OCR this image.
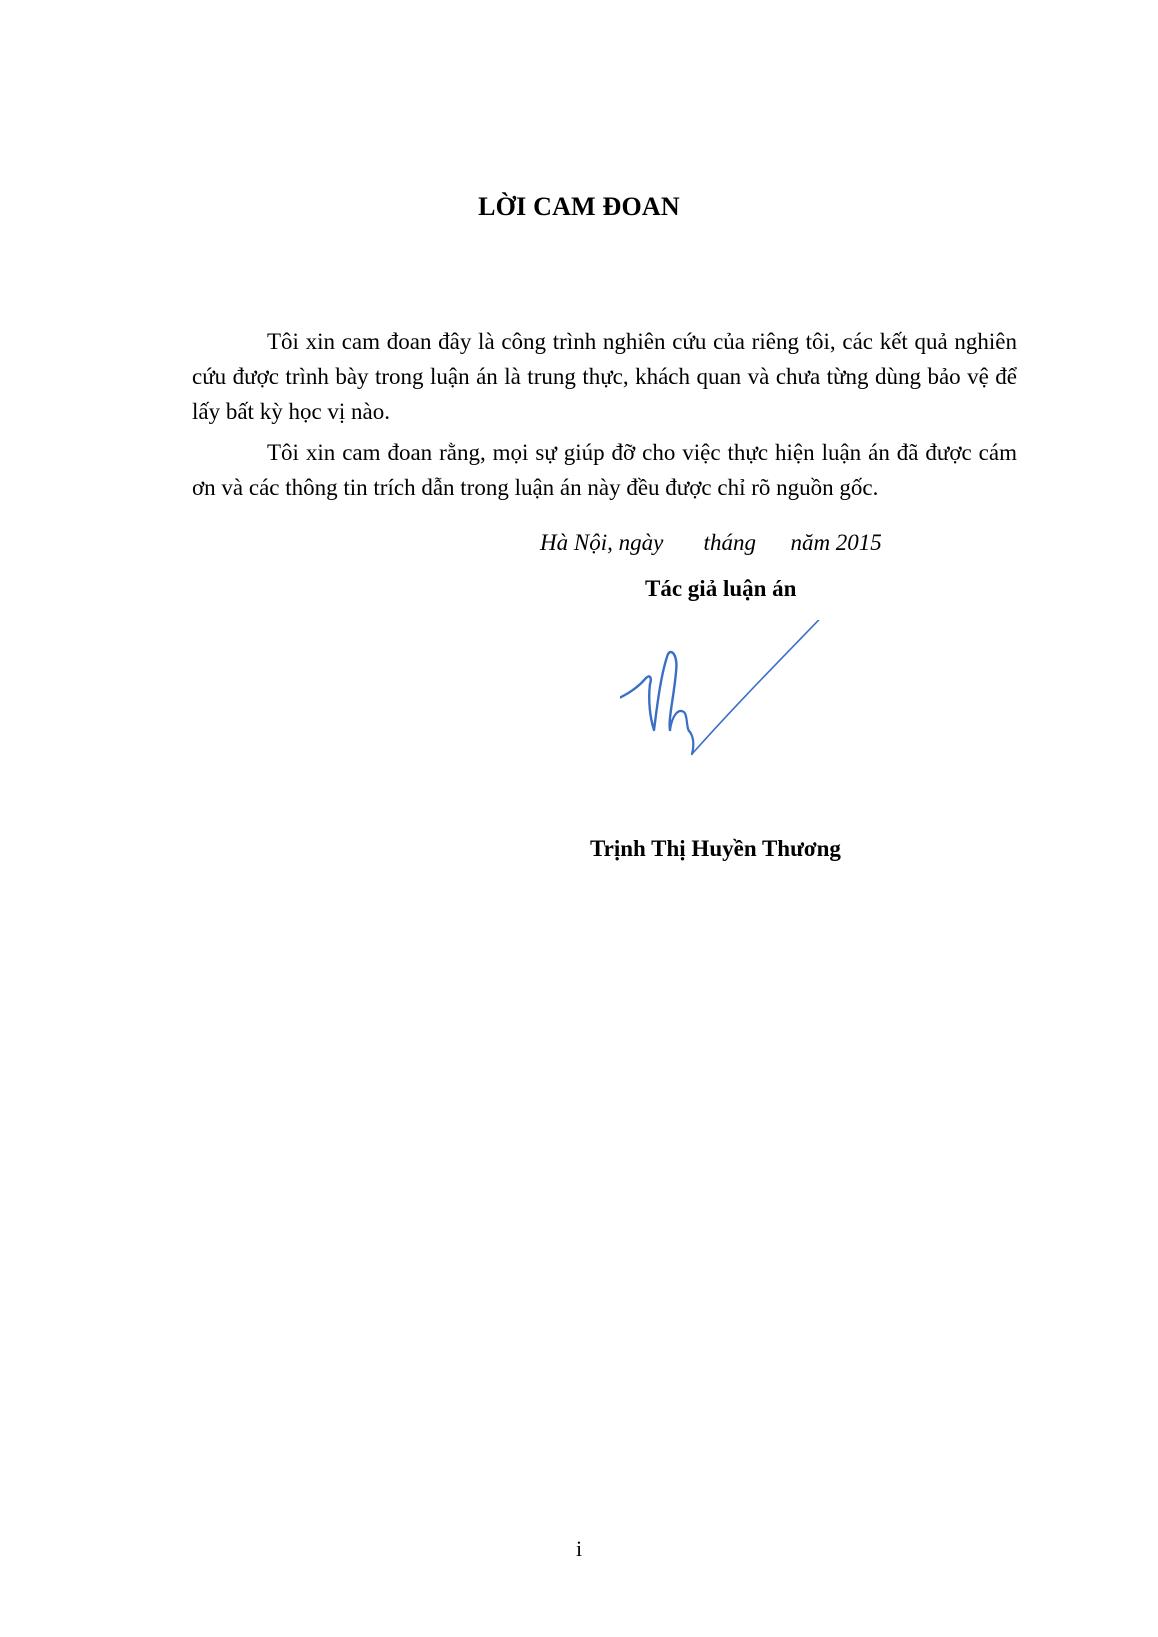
LỜI CAM ĐOAN

Tôi xin cam đoan đây là công trình nghiên cứu của riêng tôi, các kết quả nghiên cứu được trình bày trong luận án là trung thực, khách quan và chưa từng dùng bảo vệ để lấy bất kỳ học vị nào.

Tôi xin cam đoan rằng, mọi sự giúp đỡ cho việc thực hiện luận án đã được cám ơn và các thông tin trích dẫn trong luận án này đều được chỉ rõ nguồn gốc.

Hà Nội, ngày       tháng      năm 2015
Tác giả luận án
Trịnh Thị Huyền Thương
i
